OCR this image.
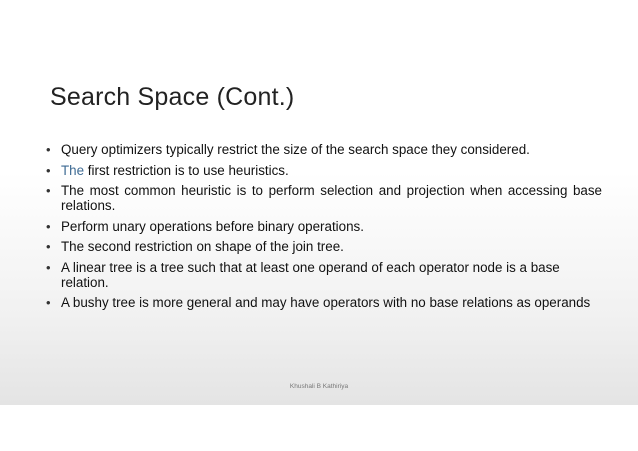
Search Space (Cont.)
• Query optimizers typically restrict the size of the search space they considered.
• The first restriction is to use heuristics.
• The most common heuristic is to perform selection and projection when accessing base relations.
• Perform unary operations before binary operations.
• The second restriction on shape of the join tree.
• A linear tree is a tree such that at least one operand of each operator node is a base relation.
• A bushy tree is more general and may have operators with no base relations as operands
Khushali B Kathiriya
